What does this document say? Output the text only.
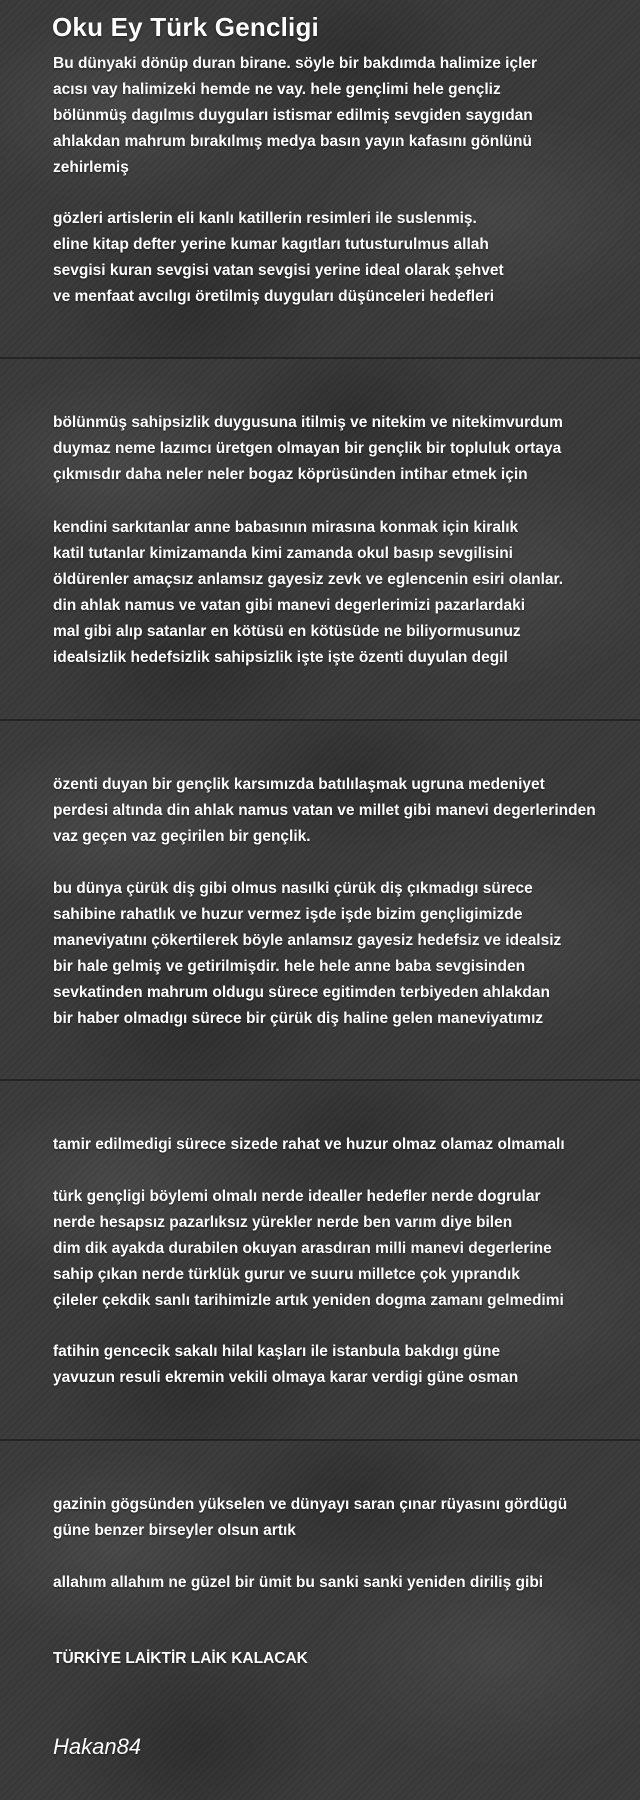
Oku Ey Türk Gencligi
Bu dünyaki dönüp duran birane. söyle bir bakdımda halimize içler
acısı vay halimizeki hemde ne vay. hele gençlimi hele gençliz
bölünmüş dagılmıs duyguları istismar edilmiş sevgiden saygıdan
ahlakdan mahrum bırakılmış medya basın yayın kafasını gönlünü
zehirlemiş
gözleri artislerin eli kanlı katillerin resimleri ile suslenmiş.
eline kitap defter yerine kumar kagıtları tutusturulmus allah
sevgisi kuran sevgisi vatan sevgisi yerine ideal olarak şehvet
ve menfaat avcılıgı öretilmiş duyguları düşünceleri hedefleri
bölünmüş sahipsizlik duygusuna itilmiş ve nitekim ve nitekimvurdum
duymaz neme lazımcı üretgen olmayan bir gençlik bir topluluk ortaya
çıkmısdır daha neler neler bogaz köprüsünden intihar etmek için
kendini sarkıtanlar anne babasının mirasına konmak için kiralık
katil tutanlar kimizamanda kimi zamanda okul basıp sevgilisini
öldürenler amaçsız anlamsız gayesiz zevk ve eglencenin esiri olanlar.
din ahlak namus ve vatan gibi manevi degerlerimizi pazarlardaki
mal gibi alıp satanlar en kötüsü en kötüsüde ne biliyormusunuz
idealsizlik hedefsizlik sahipsizlik işte işte özenti duyulan degil
özenti duyan bir gençlik karsımızda batılılaşmak ugruna medeniyet
perdesi altında din ahlak namus vatan ve millet gibi manevi degerlerinden
vaz geçen vaz geçirilen bir gençlik.
bu dünya çürük diş gibi olmus nasılki çürük diş çıkmadıgı sürece
sahibine rahatlık ve huzur vermez işde işde bizim gençligimizde
maneviyatını çökertilerek böyle anlamsız gayesiz hedefsiz ve idealsiz
bir hale gelmiş ve getirilmişdir. hele hele anne baba sevgisinden
sevkatinden mahrum oldugu sürece egitimden terbiyeden ahlakdan
bir haber olmadıgı sürece bir çürük diş haline gelen maneviyatımız
tamir edilmedigi sürece sizede rahat ve huzur olmaz olamaz olmamalı
türk gençligi böylemi olmalı nerde idealler hedefler nerde dogrular
nerde hesapsız pazarlıksız yürekler nerde ben varım diye bilen
dim dik ayakda durabilen okuyan arasdıran milli manevi degerlerine
sahip çıkan nerde türklük gurur ve suuru milletce çok yıprandık
çileler çekdik sanlı tarihimizle artık yeniden dogma zamanı gelmedimi
fatihin gencecik sakalı hilal kaşları ile istanbula bakdıgı güne
yavuzun resuli ekremin vekili olmaya karar verdigi güne osman
gazinin gögsünden yükselen ve dünyayı saran çınar rüyasını gördügü
güne benzer birseyler olsun artık
allahım allahım ne güzel bir ümit bu sanki sanki yeniden diriliş gibi
TÜRKİYE LAİKTİR LAİK KALACAK
Hakan84
